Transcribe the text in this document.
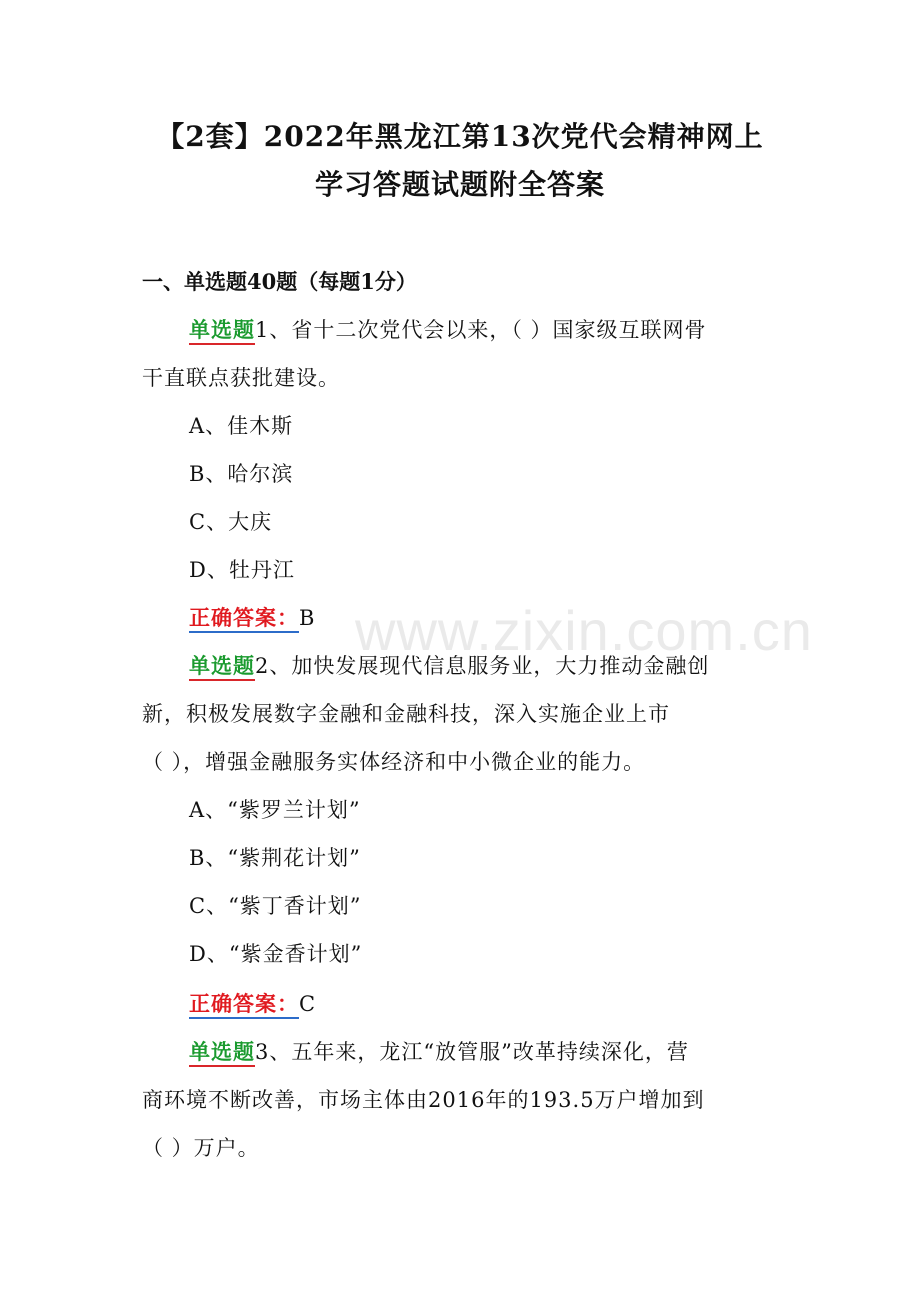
【2套】2022年黑龙江第13次党代会精神网上
学习答题试题附全答案
一、单选题40题（每题1分）
单选题1、省十二次党代会以来，（ ）国家级互联网骨
干直联点获批建设。
A、佳木斯
B、哈尔滨
C、大庆
D、牡丹江
正确答案：B www.zixin.com.cn
单选题2、加快发展现代信息服务业，大力推动金融创
新，积极发展数字金融和金融科技，深入实施企业上市
（ ），增强金融服务实体经济和中小微企业的能力。
A、“紫罗兰计划”
B、“紫荆花计划”
C、“紫丁香计划”
D、“紫金香计划”
正确答案：C
单选题3、五年来，龙江“放管服”改革持续深化，营
商环境不断改善，市场主体由2016年的193.5万户增加到
（ ）万户。
